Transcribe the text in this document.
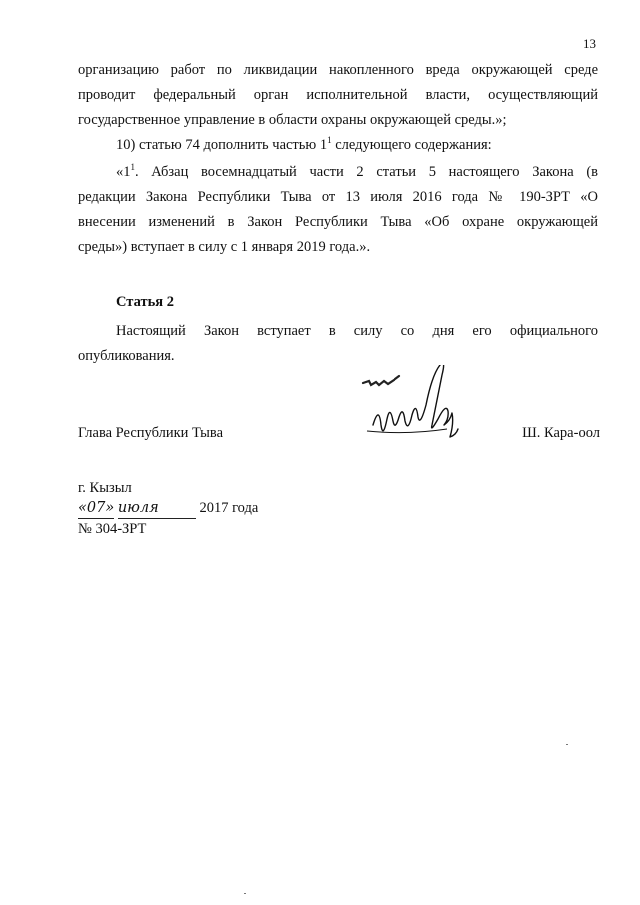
13
организацию работ по ликвидации накопленного вреда окружающей среде
проводит федеральный орган исполнительной власти, осуществляющий
государственное управление в области охраны окружающей среды.»;
10) статью 74 дополнить частью $1^1$ следующего содержания:
«$1^1$. Абзац восемнадцатый части 2 статьи 5 настоящего Закона (в
редакции Закона Республики Тыва от 13 июля 2016 года № 190-ЗРТ «О
внесении изменений в Закон Республики Тыва «Об охране окружающей
среды») вступает в силу с 1 января 2019 года.».
Статья 2
Настоящий Закон вступает в силу со дня его официального
опубликования.
Глава Республики Тыва	Ш. Кара-оол
г. Кызыл
«07» июля	2017 года
№ 304-ЗРТ
